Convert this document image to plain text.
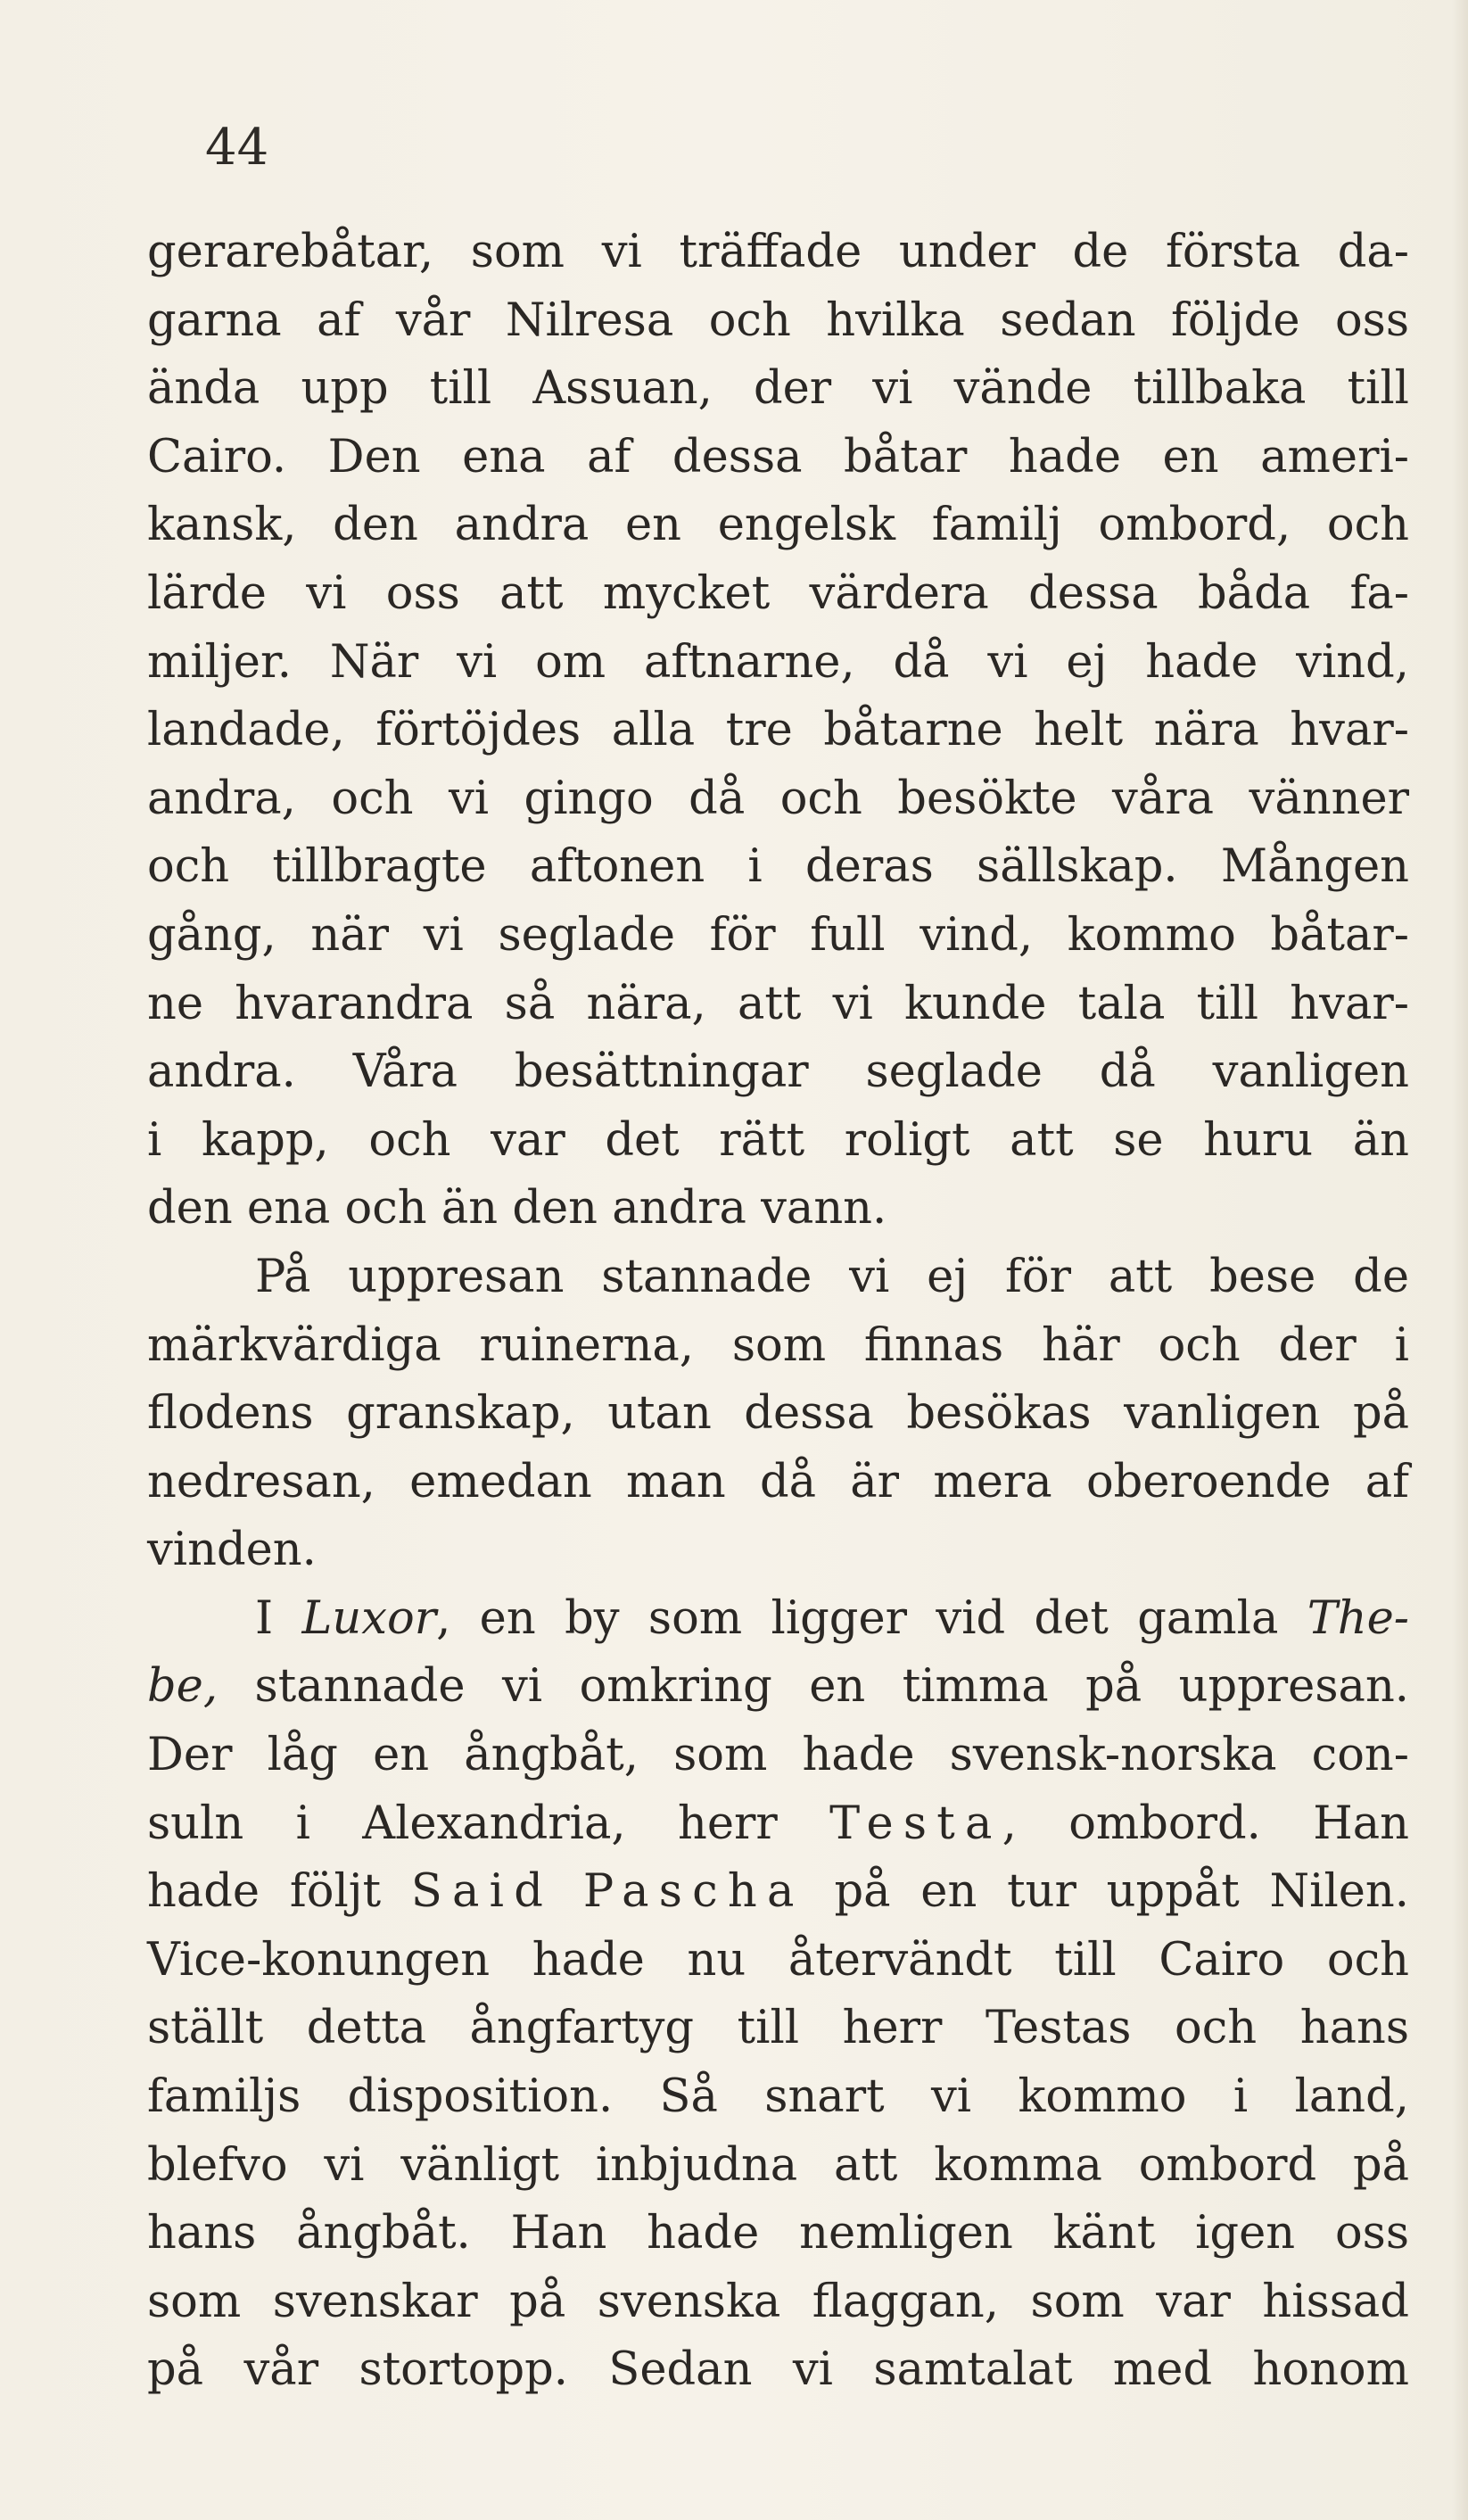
44
gerarebåtar, som vi träffade under de första da-
garna af vår Nilresa och hvilka sedan följde oss
ända upp till Assuan, der vi vände tillbaka till
Cairo. Den ena af dessa båtar hade en ameri-
kansk, den andra en engelsk familj ombord, och
lärde vi oss att mycket värdera dessa båda fa-
miljer. När vi om aftnarne, då vi ej hade vind,
landade, förtöjdes alla tre båtarne helt nära hvar-
andra, och vi gingo då och besökte våra vänner
och tillbragte aftonen i deras sällskap. Mången
gång, när vi seglade för full vind, kommo båtar-
ne hvarandra så nära, att vi kunde tala till hvar-
andra. Våra besättningar seglade då vanligen
i kapp, och var det rätt roligt att se huru än
den ena och än den andra vann.
På uppresan stannade vi ej för att bese de
märkvärdiga ruinerna, som finnas här och der i
flodens granskap, utan dessa besökas vanligen på
nedresan, emedan man då är mera oberoende af
vinden.
I Luxor, en by som ligger vid det gamla The-
be, stannade vi omkring en timma på uppresan.
Der låg en ångbåt, som hade svensk-norska con-
suln i Alexandria, herr Testa, ombord. Han
hade följt Said Pascha på en tur uppåt Nilen.
Vice-konungen hade nu återvändt till Cairo och
ställt detta ångfartyg till herr Testas och hans
familjs disposition. Så snart vi kommo i land,
blefvo vi vänligt inbjudna att komma ombord på
hans ångbåt. Han hade nemligen känt igen oss
som svenskar på svenska flaggan, som var hissad
på vår stortopp. Sedan vi samtalat med honom
